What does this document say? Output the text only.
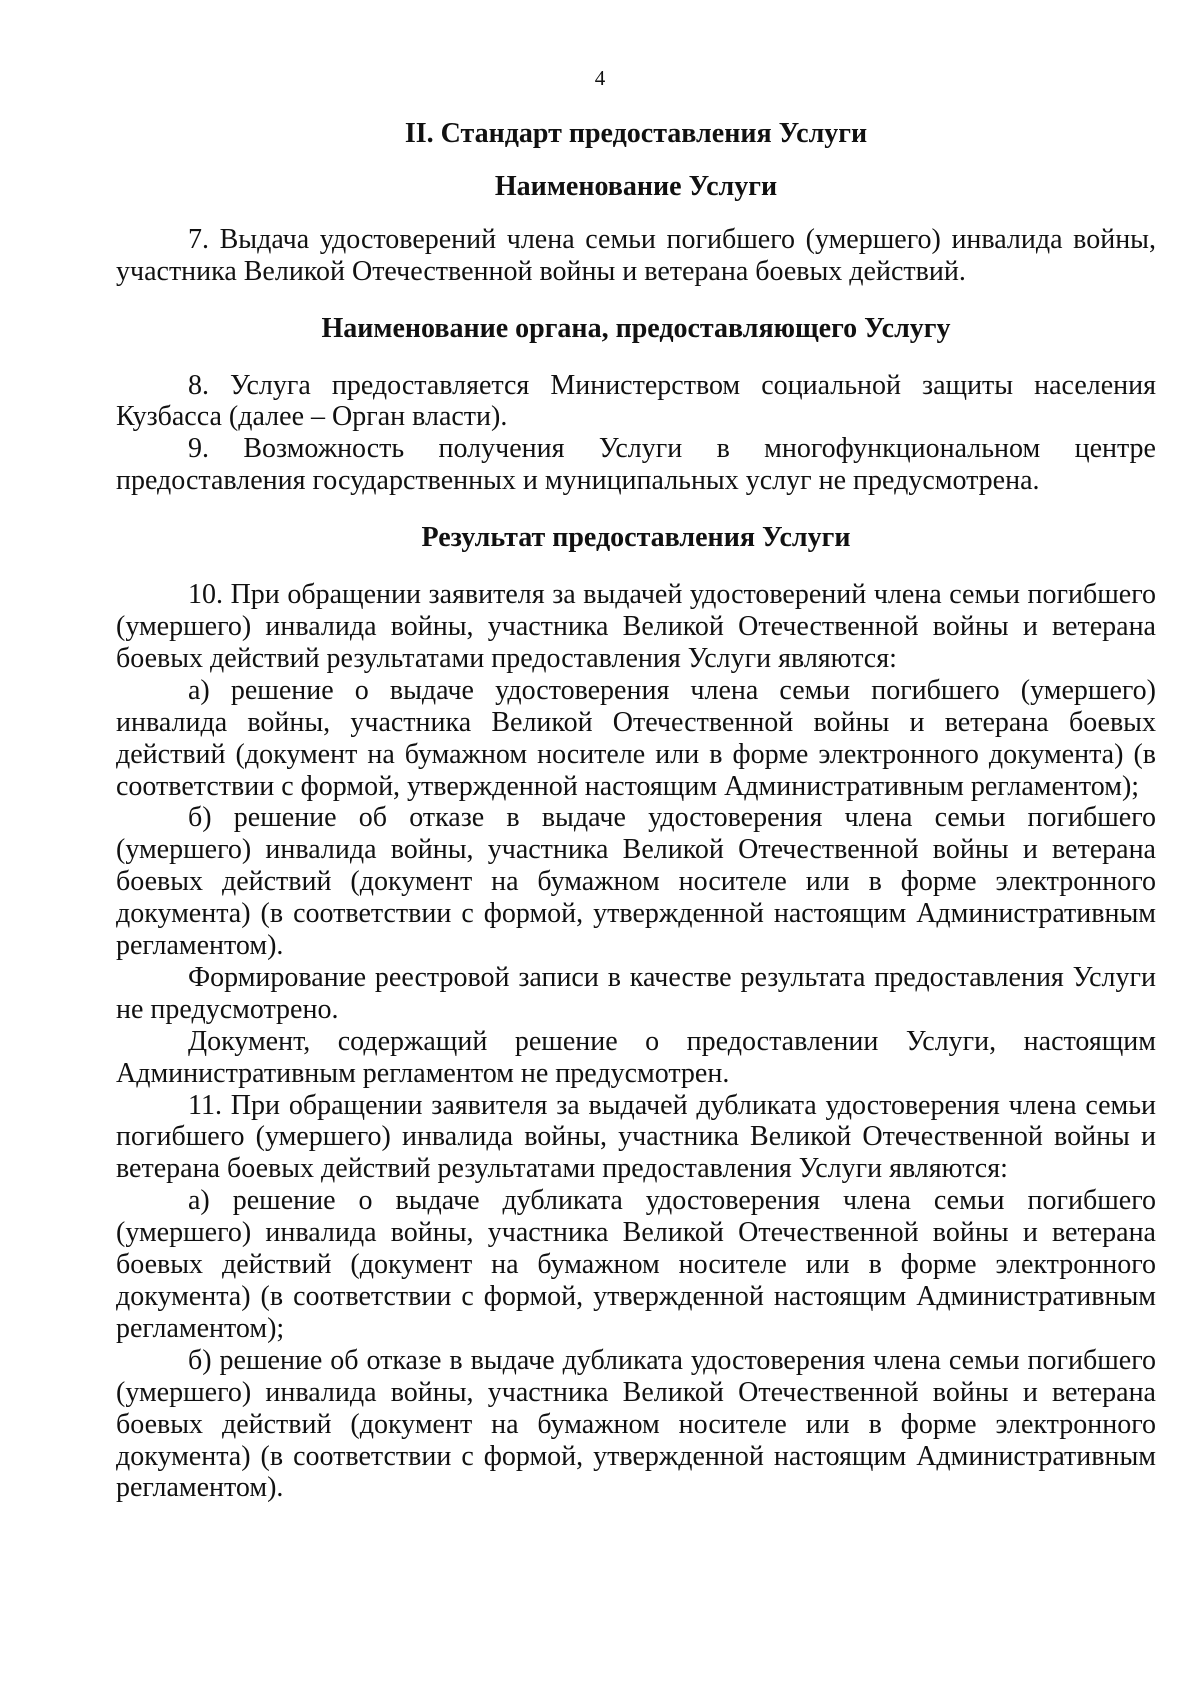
4

II. Стандарт предоставления Услуги

Наименование Услуги

7. Выдача удостоверений члена семьи погибшего (умершего) инвалида войны, участника Великой Отечественной войны и ветерана боевых действий.

Наименование органа, предоставляющего Услугу

8. Услуга предоставляется Министерством социальной защиты населения Кузбасса (далее – Орган власти).

9. Возможность получения Услуги в многофункциональном центре предоставления государственных и муниципальных услуг не предусмотрена.

Результат предоставления Услуги

10. При обращении заявителя за выдачей удостоверений члена семьи погибшего (умершего) инвалида войны, участника Великой Отечественной войны и ветерана боевых действий результатами предоставления Услуги являются:

а) решение о выдаче удостоверения члена семьи погибшего (умершего) инвалида войны, участника Великой Отечественной войны и ветерана боевых действий (документ на бумажном носителе или в форме электронного документа) (в соответствии с формой, утвержденной настоящим Административным регламентом);

б) решение об отказе в выдаче удостоверения члена семьи погибшего (умершего) инвалида войны, участника Великой Отечественной войны и ветерана боевых действий (документ на бумажном носителе или в форме электронного документа) (в соответствии с формой, утвержденной настоящим Административным регламентом).

Формирование реестровой записи в качестве результата предоставления Услуги не предусмотрено.

Документ, содержащий решение о предоставлении Услуги, настоящим Административным регламентом не предусмотрен.

11. При обращении заявителя за выдачей дубликата удостоверения члена семьи погибшего (умершего) инвалида войны, участника Великой Отечественной войны и ветерана боевых действий результатами предоставления Услуги являются:

а) решение о выдаче дубликата удостоверения члена семьи погибшего (умершего) инвалида войны, участника Великой Отечественной войны и ветерана боевых действий (документ на бумажном носителе или в форме электронного документа) (в соответствии с формой, утвержденной настоящим Административным регламентом);

б) решение об отказе в выдаче дубликата удостоверения члена семьи погибшего (умершего) инвалида войны, участника Великой Отечественной войны и ветерана боевых действий (документ на бумажном носителе или в форме электронного документа) (в соответствии с формой, утвержденной настоящим Административным регламентом).
